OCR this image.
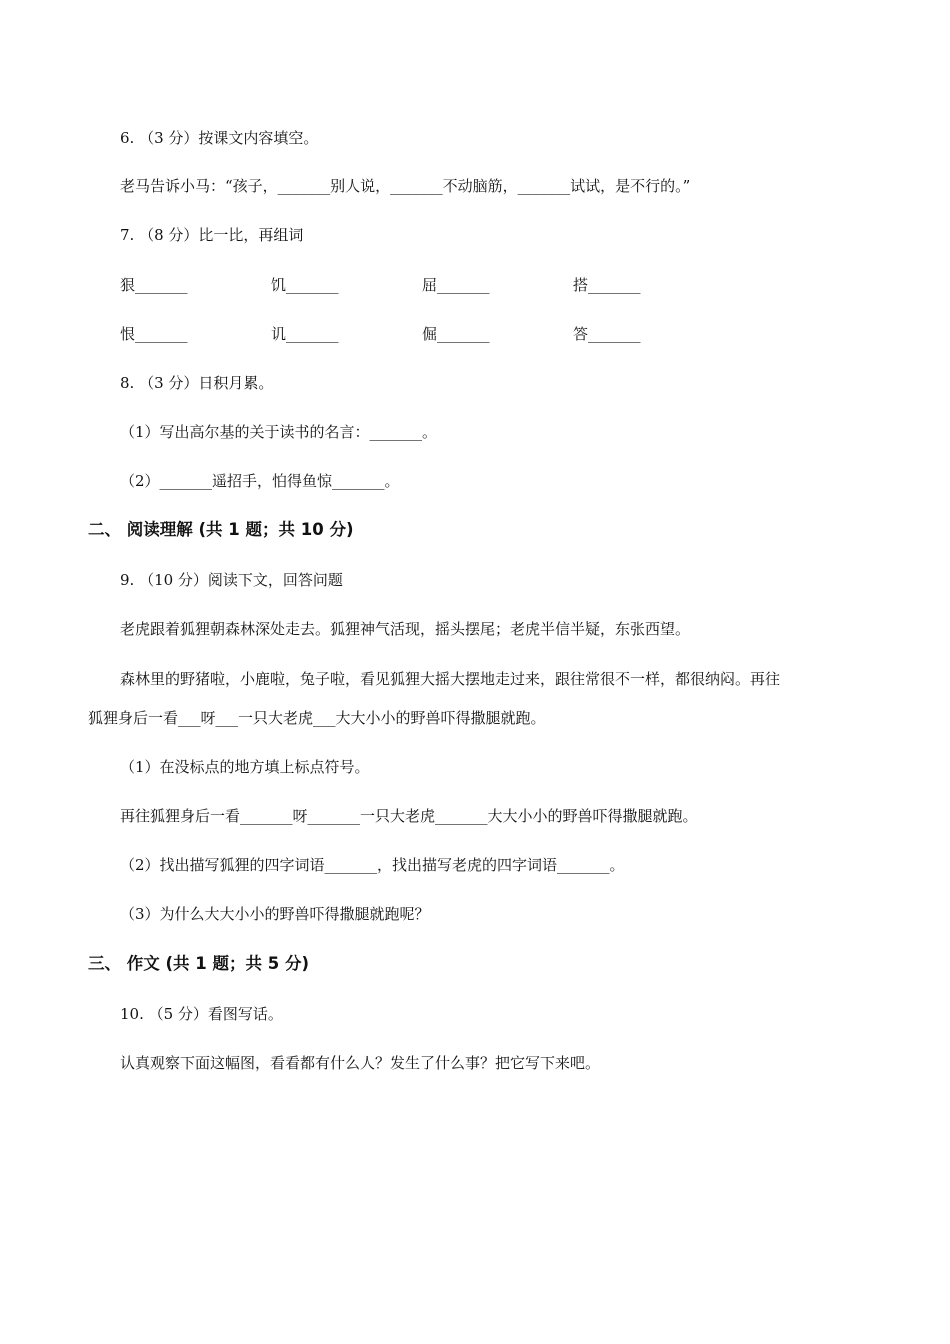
6. （3 分）按课文内容填空。
老马告诉小马：“孩子，_______别人说，_______不动脑筋，_______试试，是不行的。”
7. （8 分）比一比，再组词
狠_______	饥_______	屈_______	搭_______
恨_______	讥_______	倔_______	答_______
8. （3 分）日积月累。
（1）写出高尔基的关于读书的名言：_______。
（2）_______遥招手，怕得鱼惊_______。
二、 阅读理解 (共 1 题；共 10 分)
9. （10 分）阅读下文，回答问题
老虎跟着狐狸朝森林深处走去。狐狸神气活现，摇头摆尾；老虎半信半疑，东张西望。
森林里的野猪啦，小鹿啦，兔子啦，看见狐狸大摇大摆地走过来，跟往常很不一样，都很纳闷。再往
狐狸身后一看___呀___一只大老虎___大大小小的野兽吓得撒腿就跑。
（1）在没标点的地方填上标点符号。
再往狐狸身后一看_______呀_______一只大老虎_______大大小小的野兽吓得撒腿就跑。
（2）找出描写狐狸的四字词语_______，找出描写老虎的四字词语_______。
（3）为什么大大小小的野兽吓得撒腿就跑呢？
三、 作文 (共 1 题；共 5 分)
10. （5 分）看图写话。
认真观察下面这幅图，看看都有什么人？发生了什么事？把它写下来吧。
